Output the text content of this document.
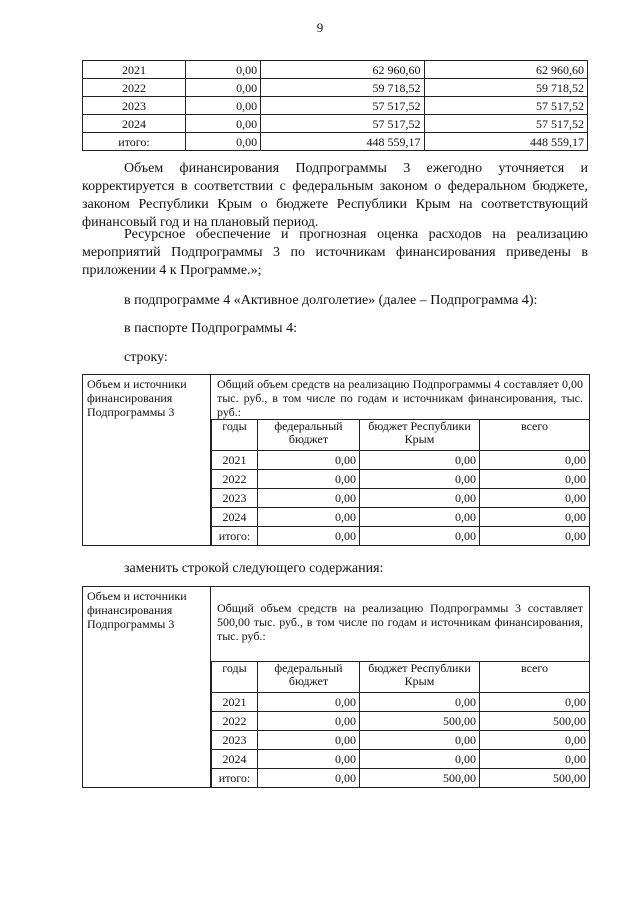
9
2021	0,00	62 960,60	62 960,60
2022	0,00	59 718,52	59 718,52
2023	0,00	57 517,52	57 517,52
2024	0,00	57 517,52	57 517,52
итого:	0,00	448 559,17	448 559,17
Объем финансирования Подпрограммы 3 ежегодно уточняется и корректируется в соответствии с федеральным законом о федеральном бюджете, законом Республики Крым о бюджете Республики Крым на соответствующий финансовый год и на плановый период.
Ресурсное обеспечение и прогнозная оценка расходов на реализацию мероприятий Подпрограммы 3 по источникам финансирования приведены в приложении 4 к Программе.»;
в подпрограмме 4 «Активное долголетие» (далее – Подпрограмма 4):
в паспорте Подпрограммы 4:
строку:
Объем и источники финансирования Подпрограммы 3
Общий объем средств на реализацию Подпрограммы 4 составляет 0,00 тыс. руб., в том числе по годам и источникам финансирования, тыс. руб.:
годы	федеральный бюджет	бюджет Республики Крым	всего
2021	0,00	0,00	0,00
2022	0,00	0,00	0,00
2023	0,00	0,00	0,00
2024	0,00	0,00	0,00
итого:	0,00	0,00	0,00
заменить строкой следующего содержания:
Объем и источники финансирования Подпрограммы 3
Общий объем средств на реализацию Подпрограммы 3 составляет 500,00 тыс. руб., в том числе по годам и источникам финансирования, тыс. руб.:
годы	федеральный бюджет	бюджет Республики Крым	всего
2021	0,00	0,00	0,00
2022	0,00	500,00	500,00
2023	0,00	0,00	0,00
2024	0,00	0,00	0,00
итого:	0,00	500,00	500,00
